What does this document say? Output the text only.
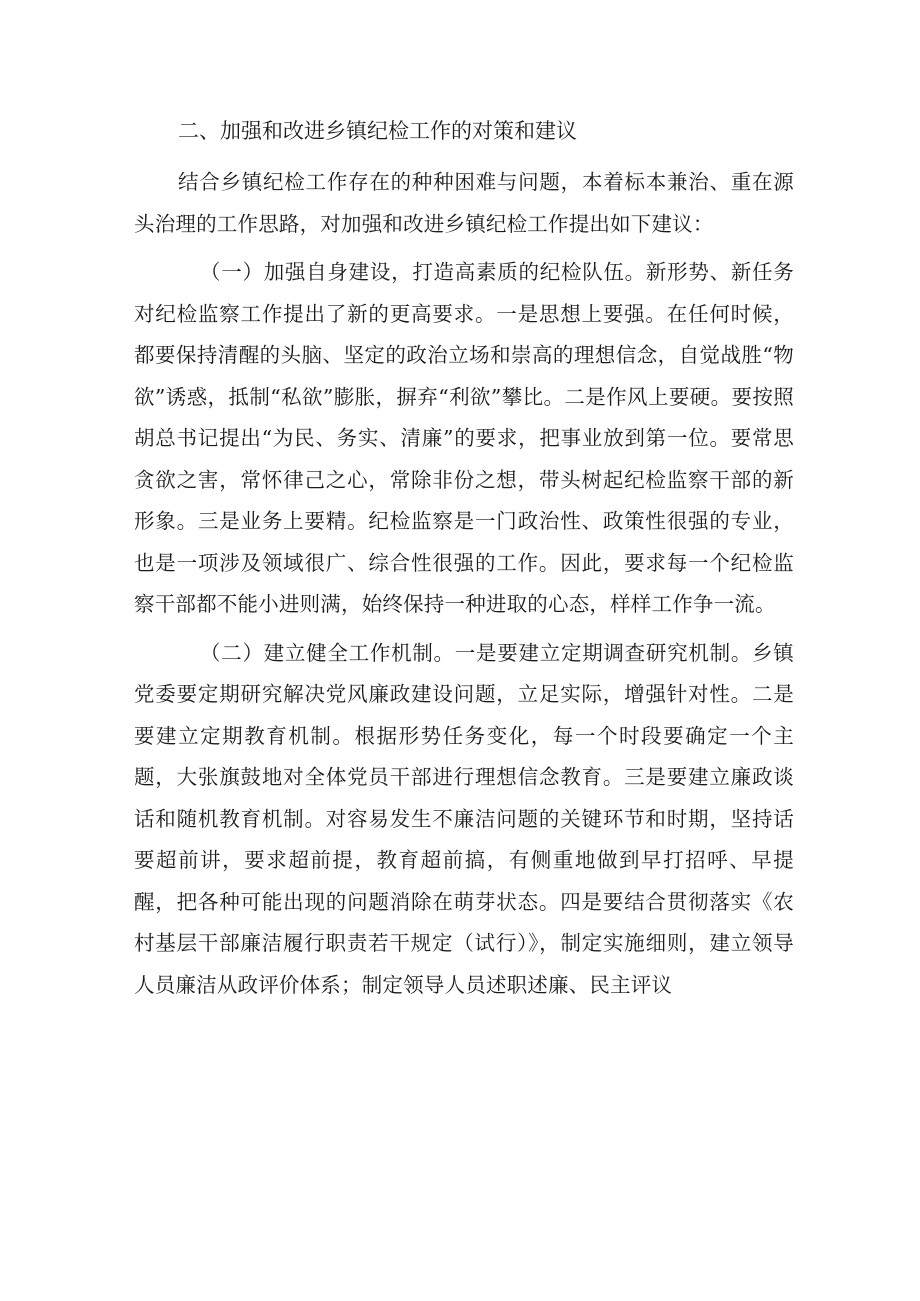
二、加强和改进乡镇纪检工作的对策和建议

结合乡镇纪检工作存在的种种困难与问题，本着标本兼治、重在源头治理的工作思路，对加强和改进乡镇纪检工作提出如下建议：

（一）加强自身建设，打造高素质的纪检队伍。新形势、新任务对纪检监察工作提出了新的更高要求。一是思想上要强。在任何时候，都要保持清醒的头脑、坚定的政治立场和崇高的理想信念，自觉战胜“物欲”诱惑，抵制“私欲”膨胀，摒弃“利欲”攀比。二是作风上要硬。要按照胡总书记提出“为民、务实、清廉”的要求，把事业放到第一位。要常思贪欲之害，常怀律己之心，常除非份之想，带头树起纪检监察干部的新形象。三是业务上要精。纪检监察是一门政治性、政策性很强的专业，也是一项涉及领域很广、综合性很强的工作。因此，要求每一个纪检监察干部都不能小进则满，始终保持一种进取的心态，样样工作争一流。

（二）建立健全工作机制。一是要建立定期调查研究机制。乡镇党委要定期研究解决党风廉政建设问题，立足实际，增强针对性。二是要建立定期教育机制。根据形势任务变化，每一个时段要确定一个主题，大张旗鼓地对全体党员干部进行理想信念教育。三是要建立廉政谈话和随机教育机制。对容易发生不廉洁问题的关键环节和时期，坚持话要超前讲，要求超前提，教育超前搞，有侧重地做到早打招呼、早提醒，把各种可能出现的问题消除在萌芽状态。四是要结合贯彻落实《农村基层干部廉洁履行职责若干规定（试行）》，制定实施细则，建立领导人员廉洁从政评价体系；制定领导人员述职述廉、民主评议
